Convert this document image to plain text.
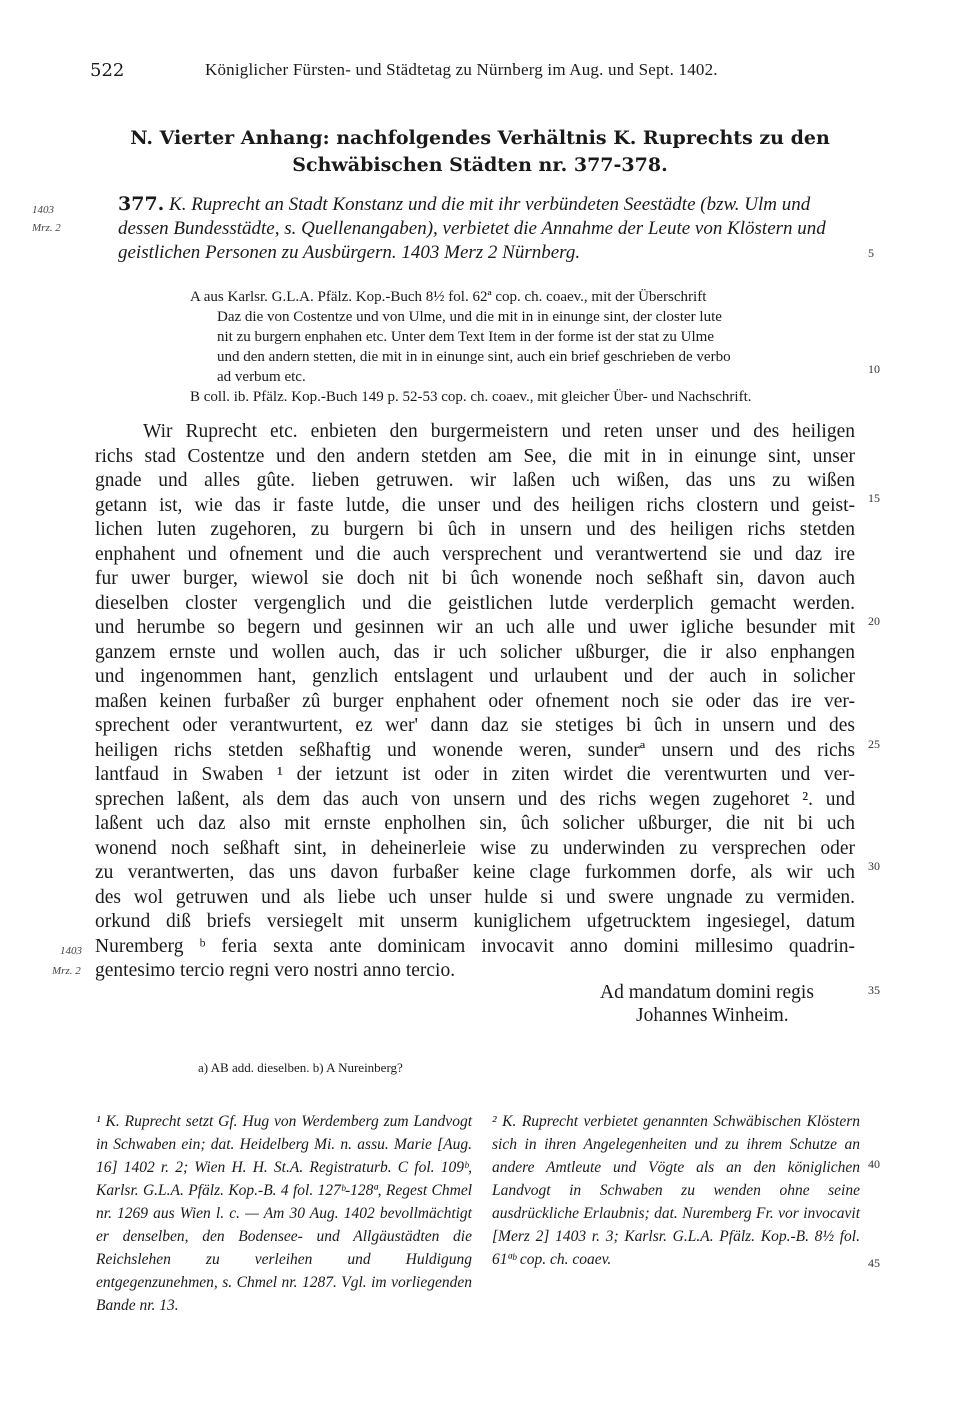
522	Königlicher Fürsten- und Städtetag zu Nürnberg im Aug. und Sept. 1402.
N. Vierter Anhang: nachfolgendes Verhältnis K. Ruprechts zu den Schwäbischen Städten nr. 377-378.
1403
Mrz. 2
377. K. Ruprecht an Stadt Konstanz und die mit ihr verbündeten Seestädte (bzw. Ulm und dessen Bundesstädte, s. Quellenangaben), verbietet die Annahme der Leute von Klöstern und geistlichen Personen zu Ausbürgern. 1403 Merz 2 Nürnberg.
A aus Karlsr. G.L.A. Pfälz. Kop.-Buch 8½ fol. 62ª cop. ch. coaev., mit der Überschrift
Daz die von Costentze und von Ulme, und die mit in in einunge sint, der closter lute
nit zu burgern enphahen etc. Unter dem Text Item in der forme ist der stat zu Ulme
und den andern stetten, die mit in in einunge sint, auch ein brief geschrieben de verbo
ad verbum etc.
B coll. ib. Pfälz. Kop.-Buch 149 p. 52-53 cop. ch. coaev., mit gleicher Über- und Nachschrift.
Wir Ruprecht etc. enbieten den burgermeistern und reten unser und des heiligen
richs stad Costentze und den andern stetden am See, die mit in in einunge sint, unser
gnade und alles gûte. lieben getruwen. wir laßen uch wißen, das uns zu wißen
getann ist, wie das ir faste lutde, die unser und des heiligen richs clostern und geist-
lichen luten zugehoren, zu burgern bi ûch in unsern und des heiligen richs stetden
enphahent und ofnement und die auch versprechent und verantwertend sie und daz ire
fur uwer burger, wiewol sie doch nit bi ûch wonende noch seßhaft sin, davon auch
dieselben closter vergenglich und die geistlichen lutde verderplich gemacht werden.
und herumbe so begern und gesinnen wir an uch alle und uwer igliche besunder mit
ganzem ernste und wollen auch, das ir uch solicher ußburger, die ir also enphangen
und ingenommen hant, genzlich entslagent und urlaubent und der auch in solicher
maßen keinen furbaßer zû burger enphahent oder ofnement noch sie oder das ire ver-
sprechent oder verantwurtent, ez wer' dann daz sie stetiges bi ûch in unsern und des
heiligen richs stetden seßhaftig und wonende weren, sunderª unsern und des richs
lantfaud in Swaben ¹ der ietzunt ist oder in ziten wirdet die verentwurten und ver-
sprechen laßent, als dem das auch von unsern und des richs wegen zugehoret ². und
laßent uch daz also mit ernste enpholhen sin, ûch solicher ußburger, die nit bi uch
wonend noch seßhaft sint, in deheinerleie wise zu underwinden zu versprechen oder
zu verantwerten, das uns davon furbaßer keine clage furkommen dorfe, als wir uch
des wol getruwen und als liebe uch unser hulde si und swere ungnade zu vermiden.
orkund diß briefs versiegelt mit unserm kuniglichem ufgetrucktem ingesiegel, datum
Nuremberg ᵇ feria sexta ante dominicam invocavit anno domini millesimo quadrin-
gentesimo tercio regni vero nostri anno tercio.
1403
Mrz. 2
Ad mandatum domini regis
Johannes Winheim.
5
10
15
20
25
30
35
40
45
a) AB add. dieselben. b) A Nureinberg?
¹ K. Ruprecht setzt Gf. Hug von Werdemberg zum Landvogt in Schwaben ein; dat. Heidelberg Mi. n. assu. Marie [Aug. 16] 1402 r. 2; Wien H. H. St.A. Registraturb. C fol. 109ᵇ, Karlsr. G.L.A. Pfälz. Kop.-B. 4 fol. 127ᵇ-128ª, Regest Chmel nr. 1269 aus Wien l. c. — Am 30 Aug. 1402 bevollmächtigt er denselben, den Bodensee- und Allgäustädten die Reichslehen zu verleihen und Huldigung entgegenzunehmen, s. Chmel nr. 1287. Vgl. im vorliegenden Bande nr. 13.
² K. Ruprecht verbietet genannten Schwäbischen Klöstern sich in ihren Angelegenheiten und zu ihrem Schutze an andere Amtleute und Vögte als an den königlichen Landvogt in Schwaben zu wenden ohne seine ausdrückliche Erlaubnis; dat. Nuremberg Fr. vor invocavit [Merz 2] 1403 r. 3; Karlsr. G.L.A. Pfälz. Kop.-B. 8½ fol. 61ªᵇ cop. ch. coaev.
